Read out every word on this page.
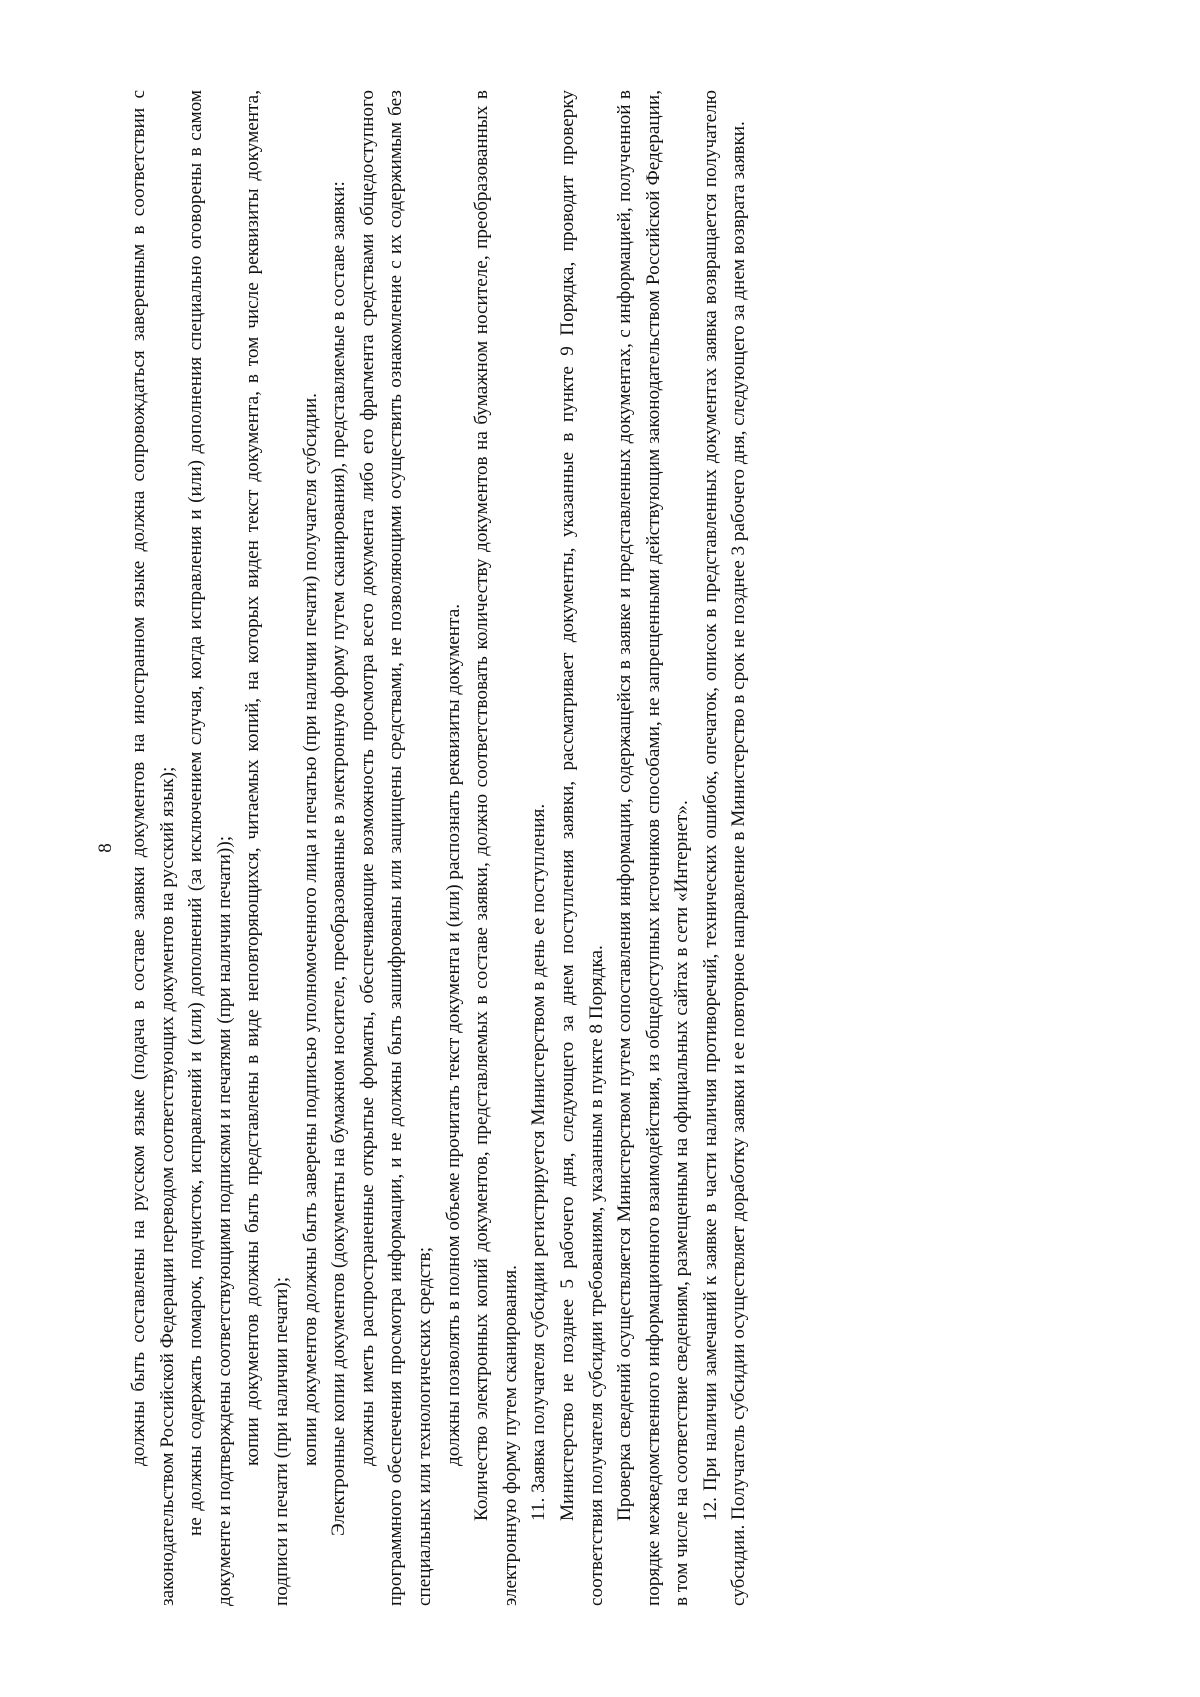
8 должны быть составлены на русском языке (подача в составе заявки документов на иностранном языке должна сопровождаться заверенным в соответствии с законодательством Российской Федерации переводом соответствующих документов на русский язык); не должны содержать помарок, подчисток, исправлений и (или) дополнений (за исключением случая, когда исправления и (или) дополнения специально оговорены в самом документе и подтверждены соответствующими подписями и печатями (при наличии печати)); копии документов должны быть представлены в виде неповторяющихся, читаемых копий, на которых виден текст документа, в том числе реквизиты документа, подписи и печати (при наличии печати); копии документов должны быть заверены подписью уполномоченного лица и печатью (при наличии печати) получателя субсидии. Электронные копии документов (документы на бумажном носителе, преобразованные в электронную форму путем сканирования), представляемые в составе заявки: должны иметь распространенные открытые форматы, обеспечивающие возможность просмотра всего документа либо его фрагмента средствами общедоступного программного обеспечения просмотра информации, и не должны быть зашифрованы или защищены средствами, не позволяющими осуществить ознакомление с их содержимым без специальных или технологических средств; должны позволять в полном объеме прочитать текст документа и (или) распознать реквизиты документа. Количество электронных копий документов, представляемых в составе заявки, должно соответствовать количеству документов на бумажном носителе, преобразованных в электронную форму путем сканирования. 11. Заявка получателя субсидии регистрируется Министерством в день ее поступления. Министерство не позднее 5 рабочего дня, следующего за днем поступления заявки, рассматривает документы, указанные в пункте 9 Порядка, проводит проверку соответствия получателя субсидии требованиям, указанным в пункте 8 Порядка. Проверка сведений осуществляется Министерством путем сопоставления информации, содержащейся в заявке и представленных документах, с информацией, полученной в порядке межведомственного информационного взаимодействия, из общедоступных источников способами, не запрещенными действующим законодательством Российской Федерации, в том числе на соответствие сведениям, размещенным на официальных сайтах в сети «Интернет». 12. При наличии замечаний к заявке в части наличия противоречий, технических ошибок, опечаток, описок в представленных документах заявка возвращается получателю субсидии. Получатель субсидии осуществляет доработку заявки и ее повторное направление в Министерство в срок не позднее 3 рабочего дня, следующего за днем возврата заявки.
